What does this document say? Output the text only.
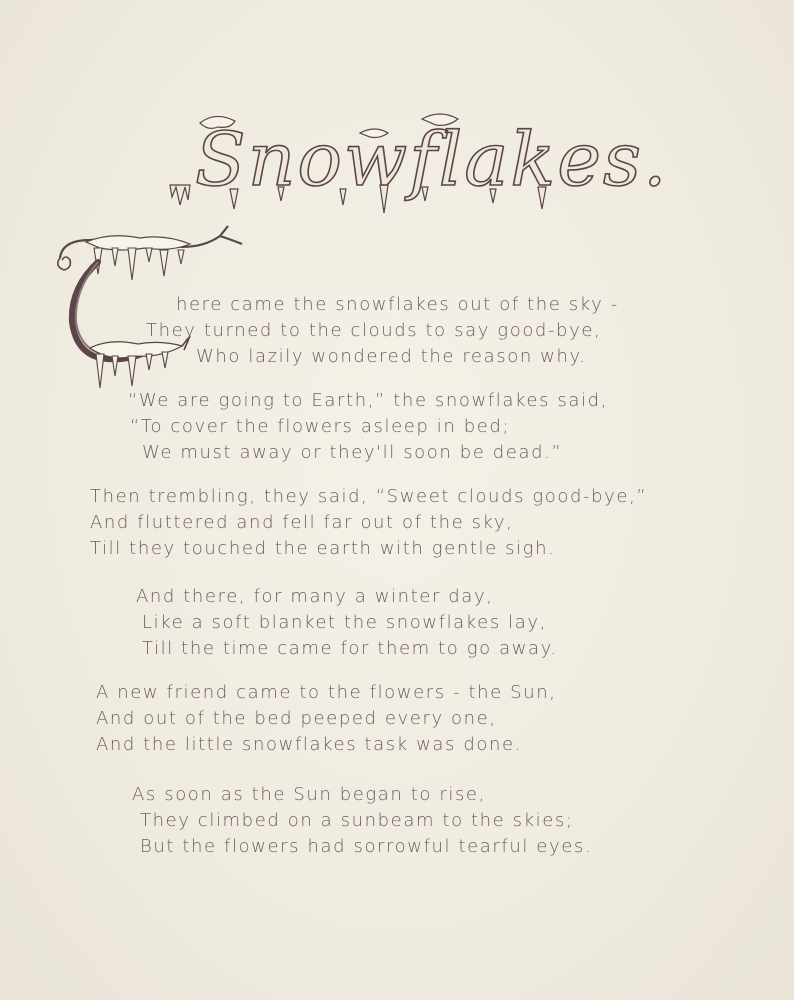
Snowflakes.
here came the snowflakes out of the sky -
They turned to the clouds to say good-bye,
Who lazily wondered the reason why.
“We are going to Earth,” the snowflakes said,
“To cover the flowers asleep in bed;
We must away or they'll soon be dead.”
Then trembling, they said, “Sweet clouds good-bye,”
And fluttered and fell far out of the sky,
Till they touched the earth with gentle sigh.
And there, for many a winter day,
Like a soft blanket the snowflakes lay,
Till the time came for them to go away.
A new friend came to the flowers - the Sun,
And out of the bed peeped every one,
And the little snowflakes task was done.
As soon as the Sun began to rise,
They climbed on a sunbeam to the skies;
But the flowers had sorrowful tearful eyes.
